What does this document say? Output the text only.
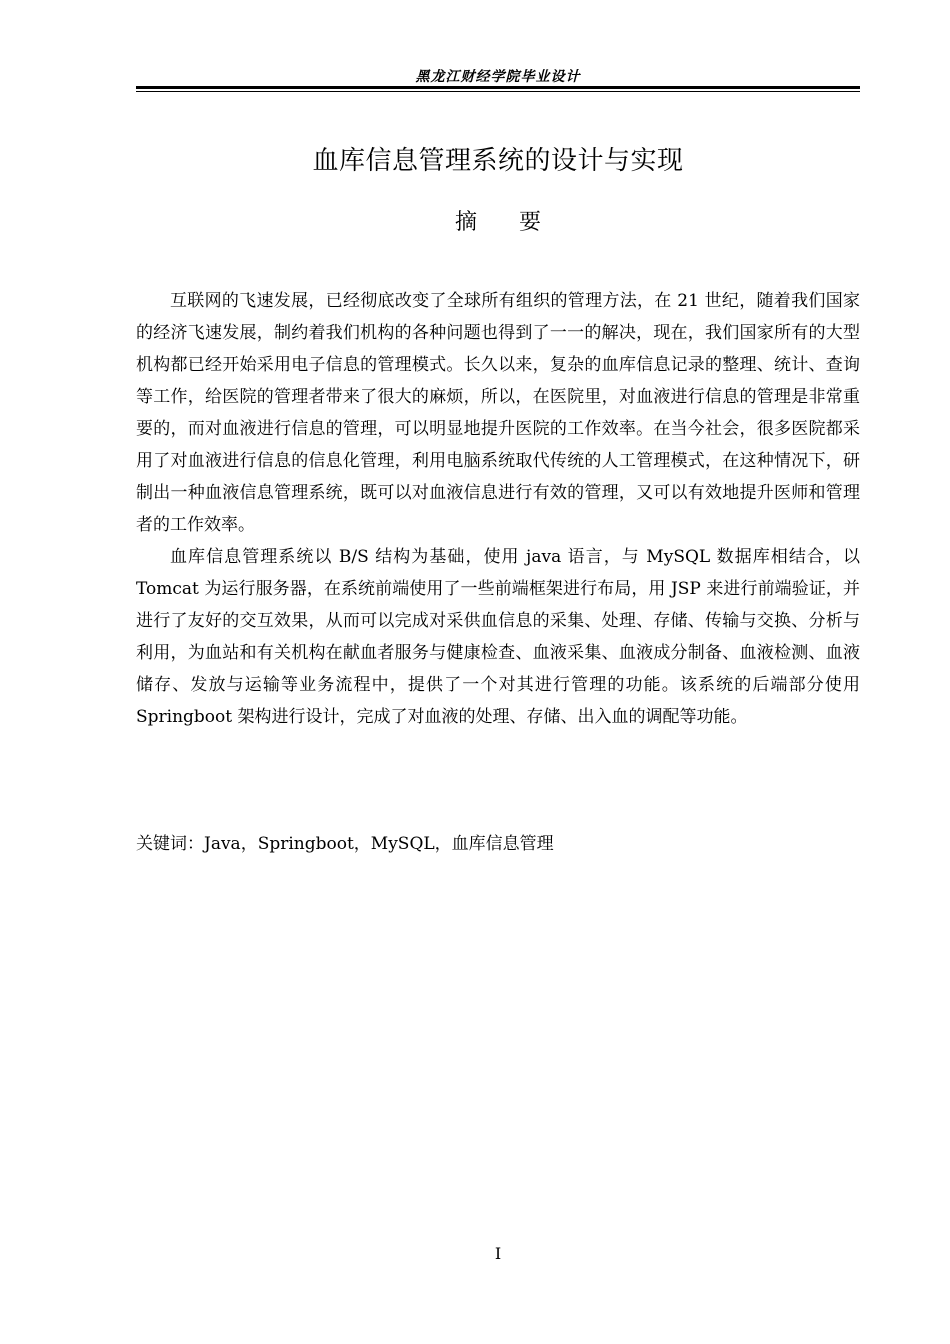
黑龙江财经学院毕业设计
血库信息管理系统的设计与实现
摘要

互联网的飞速发展，已经彻底改变了全球所有组织的管理方法，在 21 世纪，随着我们国家的经济飞速发展，制约着我们机构的各种问题也得到了一一的解决，现在，我们国家所有的大型机构都已经开始采用电子信息的管理模式。长久以来，复杂的血库信息记录的整理、统计、查询等工作，给医院的管理者带来了很大的麻烦，所以，在医院里，对血液进行信息的管理是非常重要的，而对血液进行信息的管理，可以明显地提升医院的工作效率。在当今社会，很多医院都采用了对血液进行信息的信息化管理，利用电脑系统取代传统的人工管理模式，在这种情况下，研制出一种血液信息管理系统，既可以对血液信息进行有效的管理，又可以有效地提升医师和管理者的工作效率。

血库信息管理系统以 B/S 结构为基础，使用 java 语言，与 MySQL 数据库相结合，以 Tomcat 为运行服务器，在系统前端使用了一些前端框架进行布局，用 JSP 来进行前端验证，并进行了友好的交互效果，从而可以完成对采供血信息的采集、处理、存储、传输与交换、分析与利用，为血站和有关机构在献血者服务与健康检查、血液采集、血液成分制备、血液检测、血液储存、发放与运输等业务流程中，提供了一个对其进行管理的功能。该系统的后端部分使用 Springboot 架构进行设计，完成了对血液的处理、存储、出入血的调配等功能。

关键词：Java，Springboot，MySQL，血库信息管理
I
